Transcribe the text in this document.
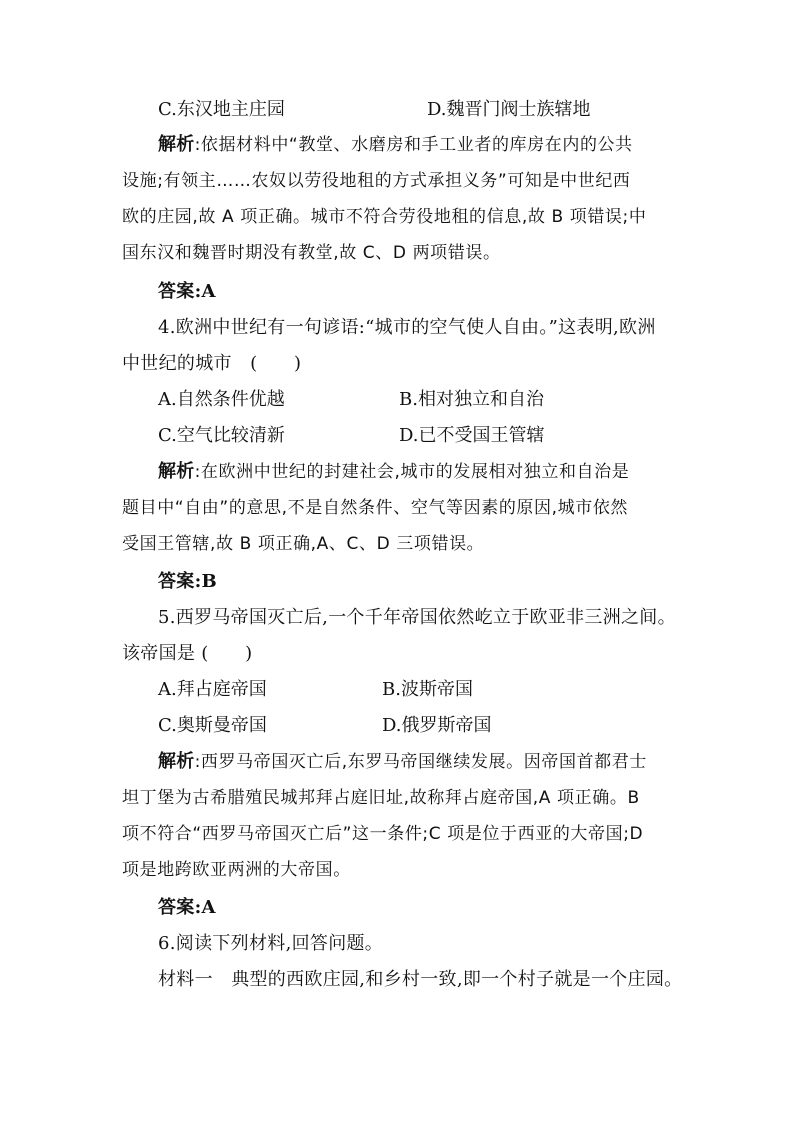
C.东汉地主庄园	D.魏晋门阀士族辖地
解析:依据材料中“教堂、水磨房和手工业者的库房在内的公共
设施;有领主……农奴以劳役地租的方式承担义务”可知是中世纪西
欧的庄园,故 A 项正确。城市不符合劳役地租的信息,故 B 项错误;中
国东汉和魏晋时期没有教堂,故 C、D 两项错误。
答案:A
4.欧洲中世纪有一句谚语:“城市的空气使人自由。”这表明,欧洲
中世纪的城市　(　　)
A.自然条件优越	B.相对独立和自治
C.空气比较清新	D.已不受国王管辖
解析:在欧洲中世纪的封建社会,城市的发展相对独立和自治是
题目中“自由”的意思,不是自然条件、空气等因素的原因,城市依然
受国王管辖,故 B 项正确,A、C、D 三项错误。
答案:B
5.西罗马帝国灭亡后,一个千年帝国依然屹立于欧亚非三洲之间。
该帝国是 (　　)
A.拜占庭帝国	B.波斯帝国
C.奥斯曼帝国	D.俄罗斯帝国
解析:西罗马帝国灭亡后,东罗马帝国继续发展。因帝国首都君士
坦丁堡为古希腊殖民城邦拜占庭旧址,故称拜占庭帝国,A 项正确。B
项不符合“西罗马帝国灭亡后”这一条件;C 项是位于西亚的大帝国;D
项是地跨欧亚两洲的大帝国。
答案:A
6.阅读下列材料,回答问题。
材料一　典型的西欧庄园,和乡村一致,即一个村子就是一个庄园。
